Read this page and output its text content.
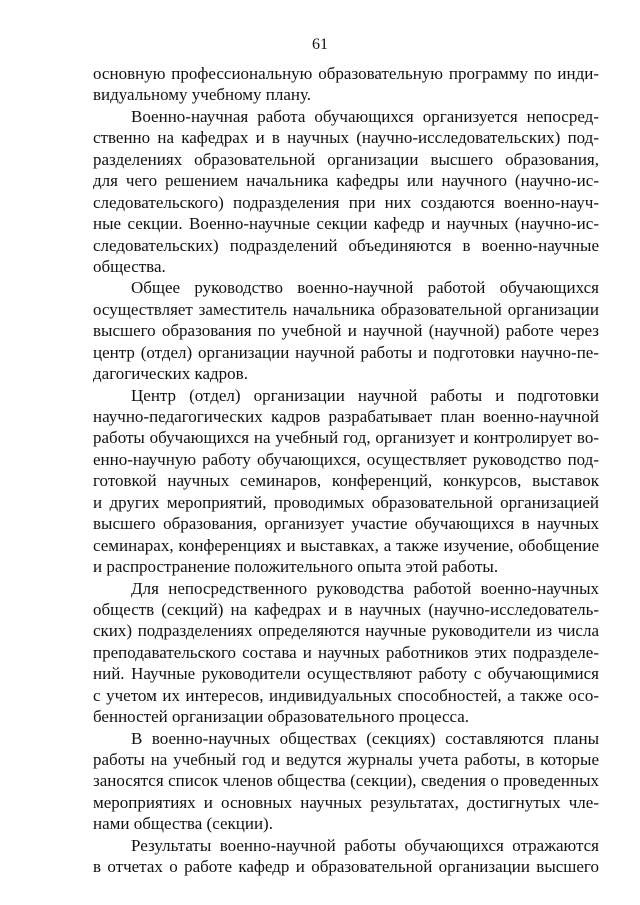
61
основную профессиональную образовательную программу по инди-
видуальному учебному плану.
Военно-научная работа обучающихся организуется непосред-
ственно на кафедрах и в научных (научно-исследовательских) под-
разделениях образовательной организации высшего образования,
для чего решением начальника кафедры или научного (научно-ис-
следовательского) подразделения при них создаются военно-науч-
ные секции. Военно-научные секции кафедр и научных (научно-ис-
следовательских) подразделений объединяются в военно-научные
общества.
Общее руководство военно-научной работой обучающихся
осуществляет заместитель начальника образовательной организации
высшего образования по учебной и научной (научной) работе через
центр (отдел) организации научной работы и подготовки научно-пе-
дагогических кадров.
Центр (отдел) организации научной работы и подготовки
научно-педагогических кадров разрабатывает план военно-научной
работы обучающихся на учебный год, организует и контролирует во-
енно-научную работу обучающихся, осуществляет руководство под-
готовкой научных семинаров, конференций, конкурсов, выставок
и других мероприятий, проводимых образовательной организацией
высшего образования, организует участие обучающихся в научных
семинарах, конференциях и выставках, а также изучение, обобщение
и распространение положительного опыта этой работы.
Для непосредственного руководства работой военно-научных
обществ (секций) на кафедрах и в научных (научно-исследователь-
ских) подразделениях определяются научные руководители из числа
преподавательского состава и научных работников этих подразделе-
ний. Научные руководители осуществляют работу с обучающимися
с учетом их интересов, индивидуальных способностей, а также осо-
бенностей организации образовательного процесса.
В военно-научных обществах (секциях) составляются планы
работы на учебный год и ведутся журналы учета работы, в которые
заносятся список членов общества (секции), сведения о проведенных
мероприятиях и основных научных результатах, достигнутых чле-
нами общества (секции).
Результаты военно-научной работы обучающихся отражаются
в отчетах о работе кафедр и образовательной организации высшего
